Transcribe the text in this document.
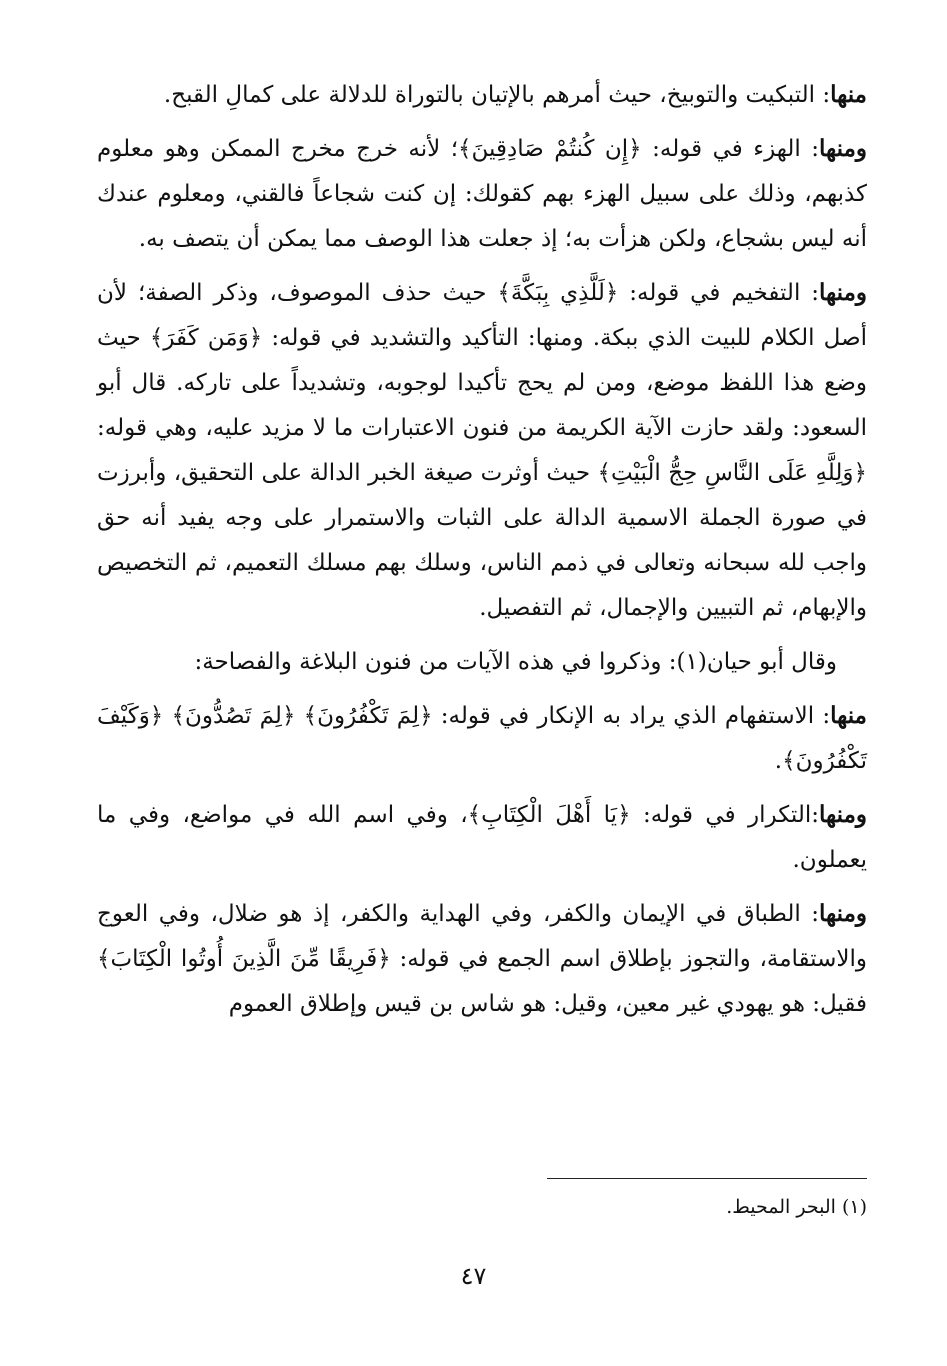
منها: التبكيت والتوبيخ، حيث أمرهم بالإتيان بالتوراة للدلالة على كمالِ القبح.

ومنها: الهزء في قوله: ﴿إِن كُنتُمْ صَادِقِينَ﴾؛ لأنه خرج مخرج الممكن وهو معلوم كذبهم، وذلك على سبيل الهزء بهم كقولك: إن كنت شجاعاً فالقني، ومعلوم عندك أنه ليس بشجاع، ولكن هزأت به؛ إذ جعلت هذا الوصف مما يمكن أن يتصف به.

ومنها: التفخيم في قوله: ﴿لَلَّذِي بِبَكَّةَ﴾ حيث حذف الموصوف، وذكر الصفة؛ لأن أصل الكلام للبيت الذي ببكة. ومنها: التأكيد والتشديد في قوله: ﴿وَمَن كَفَرَ﴾ حيث وضع هذا اللفظ موضع، ومن لم يحج تأكيدا لوجوبه، وتشديداً على تاركه. قال أبو السعود: ولقد حازت الآية الكريمة من فنون الاعتبارات ما لا مزيد عليه، وهي قوله: ﴿وَلِلَّهِ عَلَى النَّاسِ حِجُّ الْبَيْتِ﴾ حيث أوثرت صيغة الخبر الدالة على التحقيق، وأبرزت في صورة الجملة الاسمية الدالة على الثبات والاستمرار على وجه يفيد أنه حق واجب لله سبحانه وتعالى في ذمم الناس، وسلك بهم مسلك التعميم، ثم التخصيص والإبهام، ثم التبيين والإجمال، ثم التفصيل.

وقال أبو حيان(١): وذكروا في هذه الآيات من فنون البلاغة والفصاحة:

منها: الاستفهام الذي يراد به الإنكار في قوله: ﴿لِمَ تَكْفُرُونَ﴾ ﴿لِمَ تَصُدُّونَ﴾ ﴿وَكَيْفَ تَكْفُرُونَ﴾.

ومنها:التكرار في قوله: ﴿يَا أَهْلَ الْكِتَابِ﴾، وفي اسم الله في مواضع، وفي ما يعملون.

ومنها: الطباق في الإيمان والكفر، وفي الهداية والكفر، إذ هو ضلال، وفي العوج والاستقامة، والتجوز بإطلاق اسم الجمع في قوله: ﴿فَرِيقًا مِّنَ الَّذِينَ أُوتُوا الْكِتَابَ﴾ فقيل: هو يهودي غير معين، وقيل: هو شاس بن قيس وإطلاق العموم

(١) البحر المحيط.
٤٧
